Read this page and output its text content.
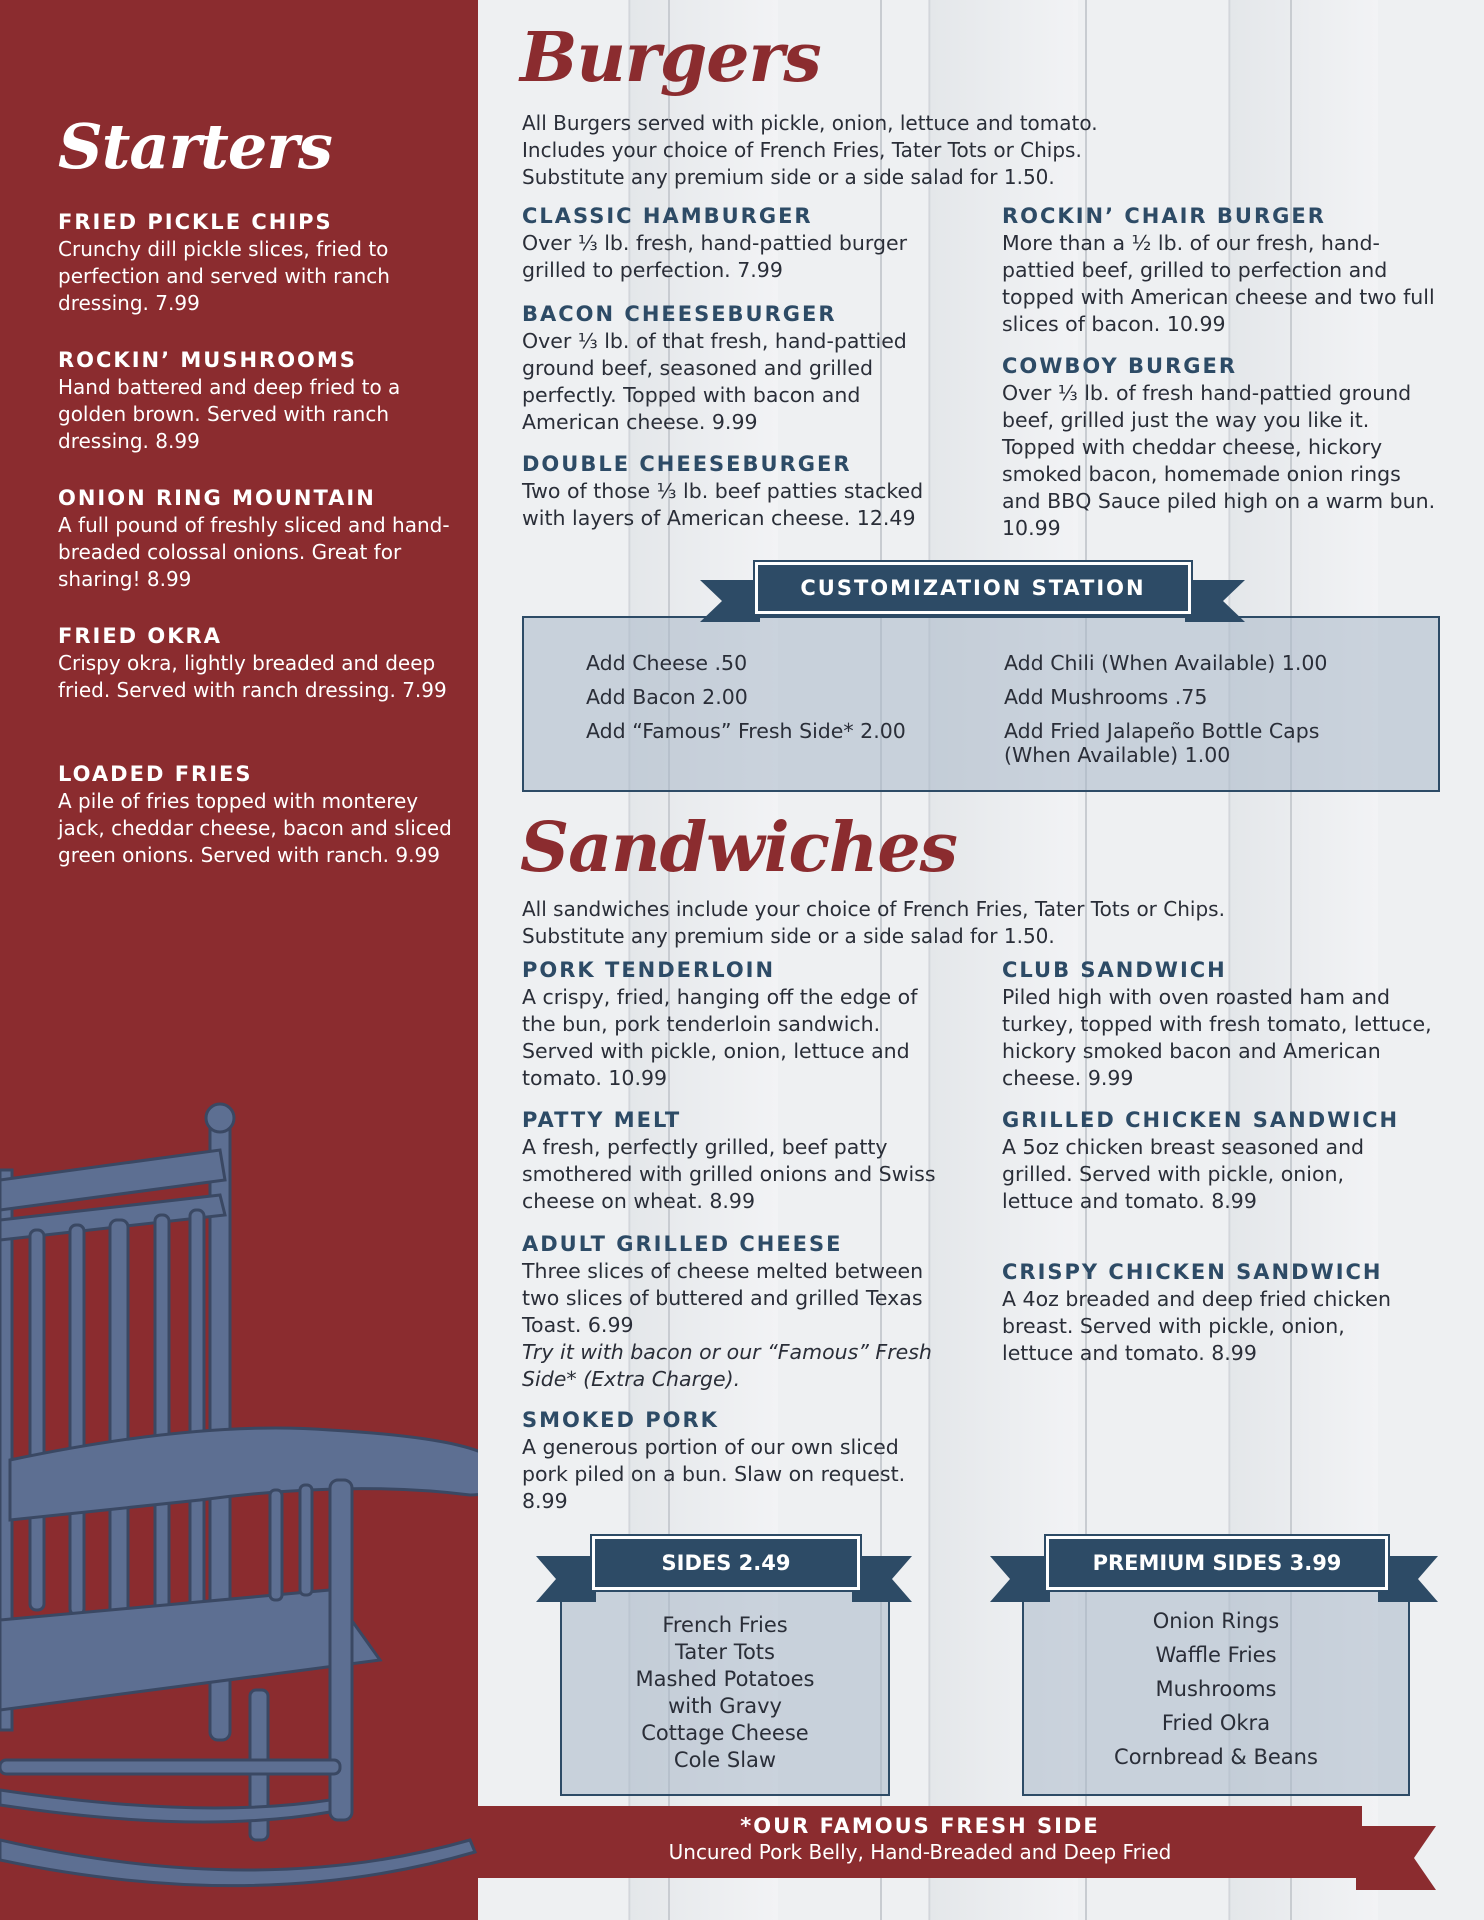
Starters
FRIED PICKLE CHIPS

Crunchy dill pickle slices, fried to perfection and served with ranch dressing. 7.99

ROCKIN’ MUSHROOMS

Hand battered and deep fried to a golden brown. Served with ranch dressing. 8.99

ONION RING MOUNTAIN

A full pound of freshly sliced and hand-breaded colossal onions. Great for sharing! 8.99

FRIED OKRA

Crispy okra, lightly breaded and deep fried. Served with ranch dressing. 7.99

LOADED FRIES

A pile of fries topped with monterey jack, cheddar cheese, bacon and sliced green onions. Served with ranch. 9.99

Burgers
All Burgers served with pickle, onion, lettuce and tomato.
Includes your choice of French Fries, Tater Tots or Chips.
Substitute any premium side or a side salad for 1.50.
CLASSIC HAMBURGER

Over ⅓ lb. fresh, hand-pattied burger grilled to perfection. 7.99

BACON CHEESEBURGER

Over ⅓ lb. of that fresh, hand-pattied ground beef, seasoned and grilled perfectly. Topped with bacon and American cheese. 9.99

DOUBLE CHEESEBURGER

Two of those ⅓ lb. beef patties stacked with layers of American cheese. 12.49

ROCKIN’ CHAIR BURGER

More than a ½ lb. of our fresh, hand-pattied beef, grilled to perfection and topped with American cheese and two full slices of bacon. 10.99

COWBOY BURGER

Over ⅓ lb. of fresh hand-pattied ground beef, grilled just the way you like it. Topped with cheddar cheese, hickory smoked bacon, homemade onion rings and BBQ Sauce piled high on a warm bun. 10.99

Add Cheese .50
Add Bacon 2.00
Add “Famous” Fresh Side* 2.00
Add Chili (When Available) 1.00
Add Mushrooms .75
Add Fried Jalapeño Bottle Caps
(When Available) 1.00
CUSTOMIZATION STATION
Sandwiches
All sandwiches include your choice of French Fries, Tater Tots or Chips.
Substitute any premium side or a side salad for 1.50.
PORK TENDERLOIN

A crispy, fried, hanging off the edge of the bun, pork tenderloin sandwich. Served with pickle, onion, lettuce and tomato. 10.99

PATTY MELT

A fresh, perfectly grilled, beef patty smothered with grilled onions and Swiss cheese on wheat. 8.99

ADULT GRILLED CHEESE

Three slices of cheese melted between two slices of buttered and grilled Texas Toast. 6.99

Try it with bacon or our “Famous” Fresh Side* (Extra Charge).

SMOKED PORK

A generous portion of our own sliced pork piled on a bun. Slaw on request. 8.99

CLUB SANDWICH

Piled high with oven roasted ham and turkey, topped with fresh tomato, lettuce, hickory smoked bacon and American cheese. 9.99

GRILLED CHICKEN SANDWICH

A 5oz chicken breast seasoned and grilled. Served with pickle, onion, lettuce and tomato. 8.99

CRISPY CHICKEN SANDWICH

A 4oz breaded and deep fried chicken breast. Served with pickle, onion, lettuce and tomato. 8.99

French Fries
Tater Tots
Mashed Potatoes
with Gravy
Cottage Cheese
Cole Slaw
SIDES 2.49
Onion Rings
Waffle Fries
Mushrooms
Fried Okra
Cornbread & Beans
PREMIUM SIDES 3.99
*OUR FAMOUS FRESH SIDE
Uncured Pork Belly, Hand-Breaded and Deep Fried
